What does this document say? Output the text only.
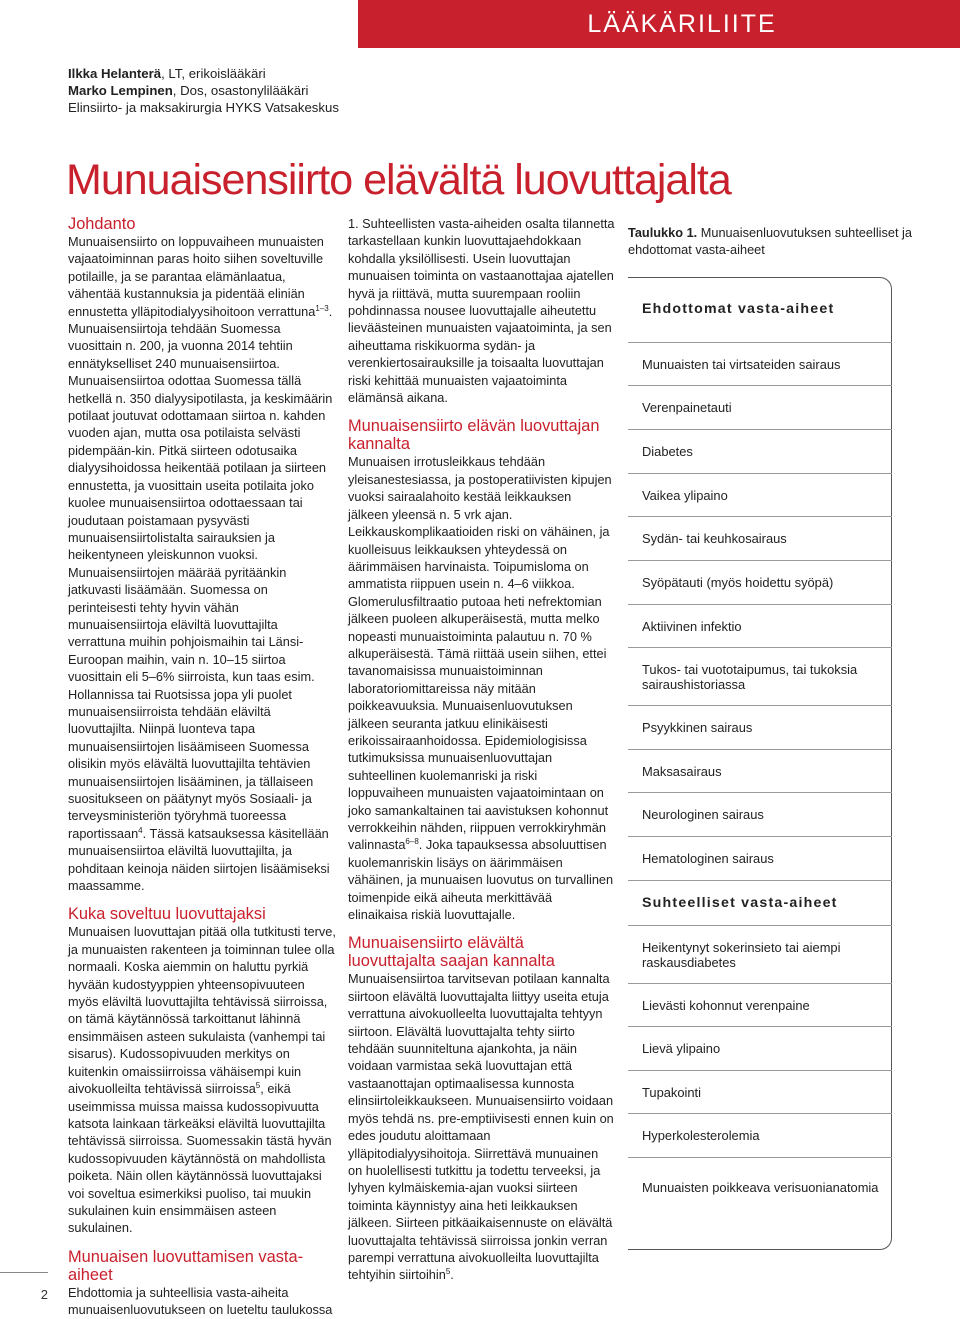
LÄÄKÄRILIITE
Ilkka Helanterä, LT, erikoislääkäri
Marko Lempinen, Dos, osastonylilääkäri
Elinsiirto- ja maksakirurgia HYKS Vatsakeskus
Munuaisensiirto elävältä luovuttajalta
Johdanto

Munuaisensiirto on loppuvaiheen munuaisten vajaatoiminnan paras hoito siihen soveltuville potilaille, ja se parantaa elämänlaatua, vähentää kustannuksia ja pidentää eliniän ennustetta ylläpitodialyysihoitoon verrattuna$^{1-3}$. Munuaisensiirtoja tehdään Suomessa vuosittain n. 200, ja vuonna 2014 tehtiin ennätykselliset 240 munuaisensiirtoa. Munuaisensiirtoa odottaa Suomessa tällä hetkellä n. 350 dialyysipotilasta, ja keskimäärin potilaat joutuvat odottamaan siirtoa n. kahden vuoden ajan, mutta osa potilaista selvästi pidempään-kin. Pitkä siirteen odotusaika dialyysihoidossa heikentää potilaan ja siirteen ennustetta, ja vuosittain useita potilaita joko kuolee munuaisensiirtoa odottaessaan tai joudutaan poistamaan pysyvästi munuaisensiirtolistalta sairauksien ja heikentyneen yleiskunnon vuoksi. Munuaisensiirtojen määrää pyritäänkin jatkuvasti lisäämään. Suomessa on perinteisesti tehty hyvin vähän munuaisensiirtoja eläviltä luovuttajilta verrattuna muihin pohjoismaihin tai Länsi-Euroopan maihin, vain n. 10–15 siirtoa vuosittain eli 5–6% siirroista, kun taas esim. Hollannissa tai Ruotsissa jopa yli puolet munuaisensiirroista tehdään eläviltä luovuttajilta. Niinpä luonteva tapa munuaisensiirtojen lisäämiseen Suomessa olisikin myös elävältä luovuttajilta tehtävien munuaisensiirtojen lisääminen, ja tällaiseen suositukseen on päätynyt myös Sosiaali- ja terveysministeriön työryhmä tuoreessa raportissaan$^4$. Tässä katsauksessa käsitellään munuaisensiirtoa eläviltä luovuttajilta, ja pohditaan keinoja näiden siirtojen lisäämiseksi maassamme.

Kuka soveltuu luovuttajaksi

Munuaisen luovuttajan pitää olla tutkitusti terve, ja munuaisten rakenteen ja toiminnan tulee olla normaali. Koska aiemmin on haluttu pyrkiä hyvään kudostyyppien yhteensopivuuteen myös eläviltä luovuttajilta tehtävissä siirroissa, on tämä käytännössä tarkoittanut lähinnä ensimmäisen asteen sukulaista (vanhempi tai sisarus). Kudossopivuuden merkitys on kuitenkin omaissiirroissa vähäisempi kuin aivokuolleilta tehtävissä siirroissa$^5$, eikä useimmissa muissa maissa kudossopivuutta katsota lainkaan tärkeäksi eläviltä luovuttajilta tehtävissä siirroissa. Suomessakin tästä hyvän kudossopivuuden käytännöstä on mahdollista poiketa. Näin ollen käytännössä luovuttajaksi voi soveltua esimerkiksi puoliso, tai muukin sukulainen kuin ensimmäisen asteen sukulainen.

Munuaisen luovuttamisen vasta-aiheet

Ehdottomia ja suhteellisia vasta-aiheita munuaisenluovutukseen on lueteltu taulukossa

1. Suhteellisten vasta-aiheiden osalta tilannetta tarkastellaan kunkin luovuttajaehdokkaan kohdalla yksilöllisesti. Usein luovuttajan munuaisen toiminta on vastaanottajaa ajatellen hyvä ja riittävä, mutta suurempaan rooliin pohdinnassa nousee luovuttajalle aiheutettu lieväästeinen munuaisten vajaatoiminta, ja sen aiheuttama riskikuorma sydän- ja verenkiertosairauksille ja toisaalta luovuttajan riski kehittää munuaisten vajaatoiminta elämänsä aikana.

Munuaisensiirto elävän luovuttajan kannalta

Munuaisen irrotusleikkaus tehdään yleisanestesiassa, ja postoperatiivisten kipujen vuoksi sairaalahoito kestää leikkauksen jälkeen yleensä n. 5 vrk ajan. Leikkauskomplikaatioiden riski on vähäinen, ja kuolleisuus leikkauksen yhteydessä on äärimmäisen harvinaista. Toipumisloma on ammatista riippuen usein n. 4–6 viikkoa. Glomerulusfiltraatio putoaa heti nefrektomian jälkeen puoleen alkuperäisestä, mutta melko nopeasti munuaistoiminta palautuu n. 70 % alkuperäisestä. Tämä riittää usein siihen, ettei tavanomaisissa munuaistoiminnan laboratoriomittareissa näy mitään poikkeavuuksia. Munuaisenluovutuksen jälkeen seuranta jatkuu elinikäisesti erikoissairaanhoidossa. Epidemiologisissa tutkimuksissa munuaisenluovuttajan suhteellinen kuolemanriski ja riski loppuvaiheen munuaisten vajaatoimintaan on joko samankaltainen tai aavistuksen kohonnut verrokkeihin nähden, riippuen verrokkiryhmän valinnasta$^{6-8}$. Joka tapauksessa absoluuttisen kuolemanriskin lisäys on äärimmäisen vähäinen, ja munuaisen luovutus on turvallinen toimenpide eikä aiheuta merkittävää elinaikaisa riskiä luovuttajalle.

Munuaisensiirto elävältä luovuttajalta saajan kannalta

Munuaisensiirtoa tarvitsevan potilaan kannalta siirtoon elävältä luovuttajalta liittyy useita etuja verrattuna aivokuolleelta luovuttajalta tehtyyn siirtoon. Elävältä luovuttajalta tehty siirto tehdään suunniteltuna ajankohta, ja näin voidaan varmistaa sekä luovuttajan että vastaanottajan optimaalisessa kunnosta elinsiirtoleikkaukseen. Munuaisensiirto voidaan myös tehdä ns. pre-emptiivisesti ennen kuin on edes joudutu aloittamaan ylläpitodialyysihoitoja. Siirrettävä munuainen on huolellisesti tutkittu ja todettu terveeksi, ja lyhyen kylmäiskemia-ajan vuoksi siirteen toiminta käynnistyy aina heti leikkauksen jälkeen. Siirteen pitkäaikaisennuste on elävältä luovuttajalta tehtävissä siirroissa jonkin verran parempi verrattuna aivokuolleilta luovuttajilta tehtyihin siirtoihin$^5$.

Taulukko 1. Munuaisenluovutuksen suhteelliset ja ehdottomat vasta-aiheet
Ehdottomat vasta-aiheet
Munuaisten tai virtsateiden sairaus
Verenpainetauti
Diabetes
Vaikea ylipaino
Sydän- tai keuhkosairaus
Syöpätauti (myös hoidettu syöpä)
Aktiivinen infektio
Tukos- tai vuototaipumus, tai tukoksia sairaushistoriassa
Psyykkinen sairaus
Maksasairaus
Neurologinen sairaus
Hematologinen sairaus
Suhteelliset vasta-aiheet
Heikentynyt sokerinsieto tai aiempi raskausdiabetes
Lievästi kohonnut verenpaine
Lievä ylipaino
Tupakointi
Hyperkolesterolemia
Munuaisten poikkeava verisuonianatomia
2
